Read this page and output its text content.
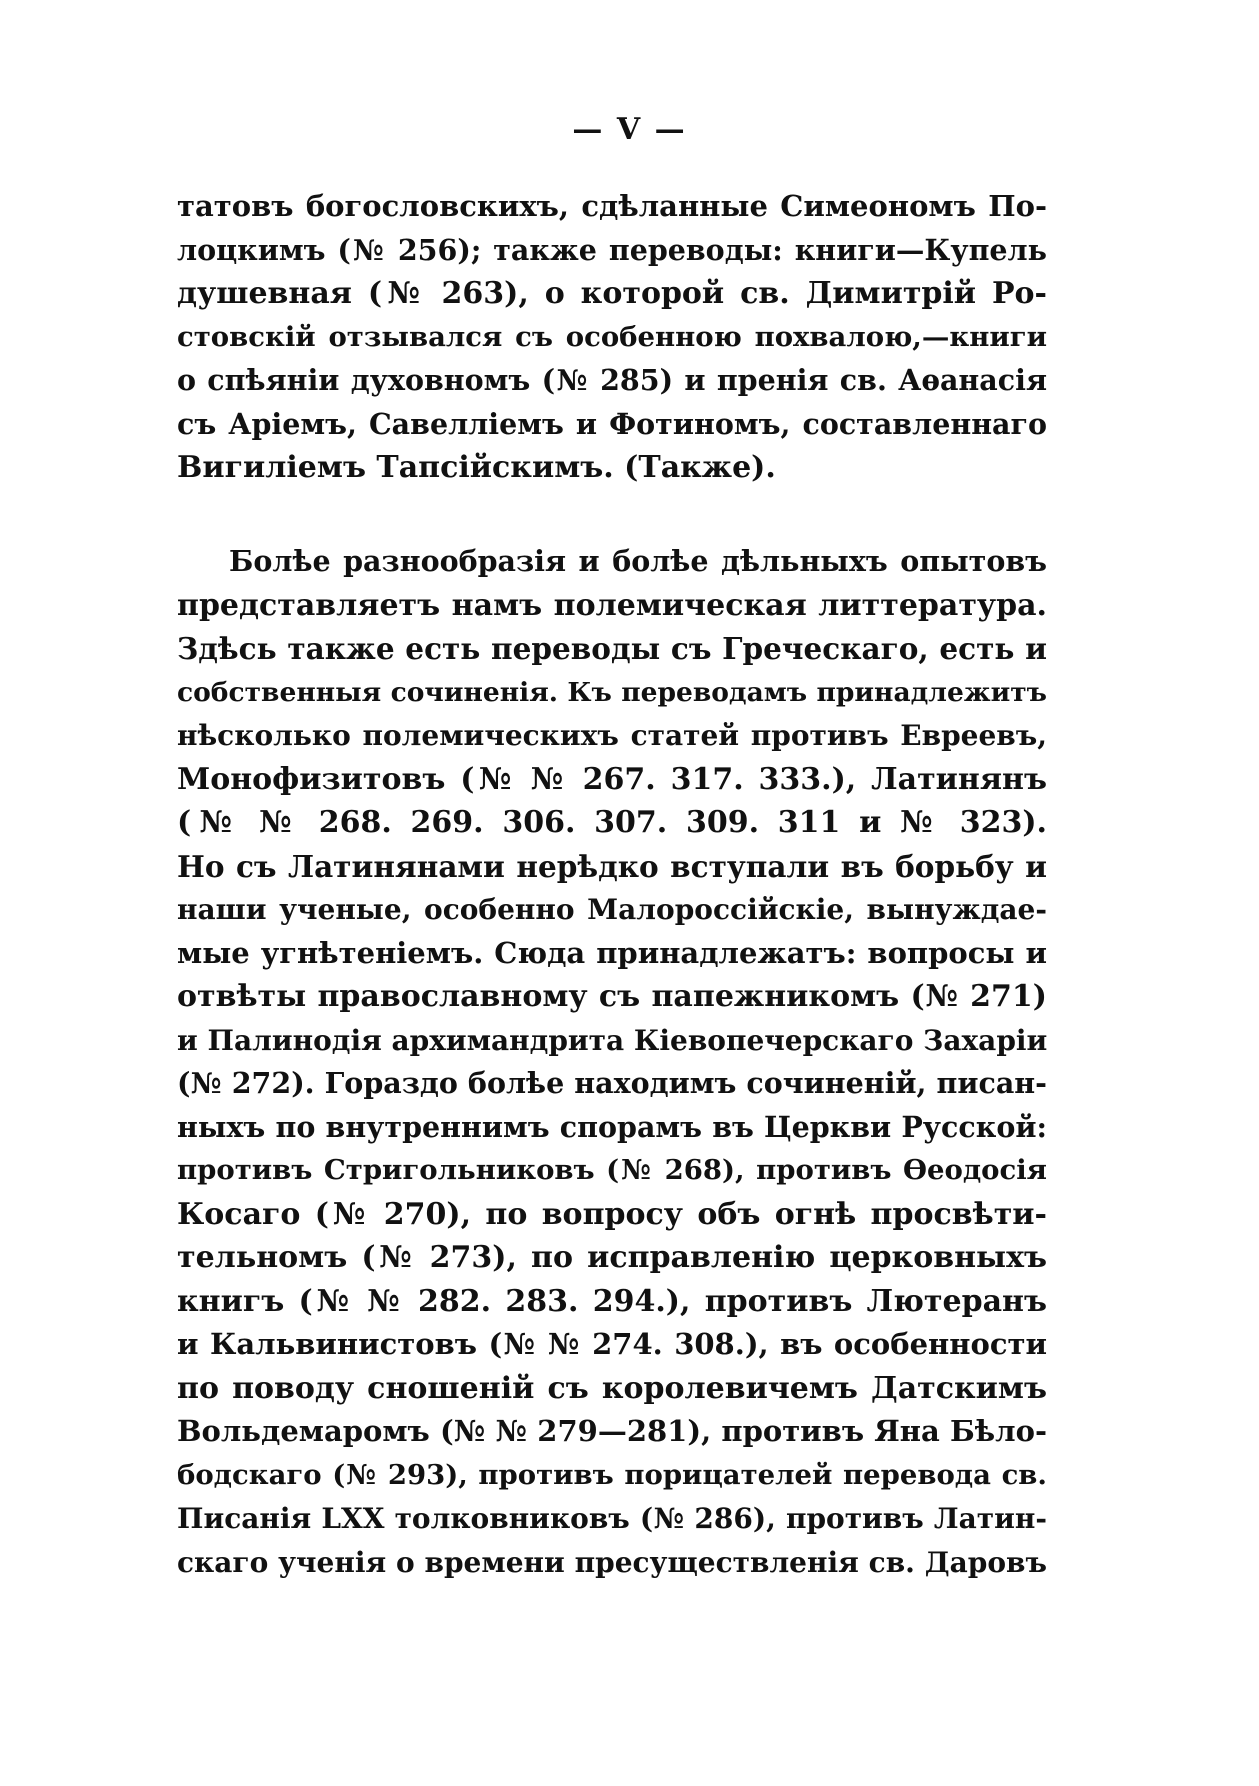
— V —
татовъ богословскихъ, сдѣланные Симеономъ По-
лоцкимъ (№ 256); также переводы: книги—Купель
душевная (№ 263), о которой св. Димитрій Ро-
стовскій отзывался съ особенною похвалою,—книги
о спѣяніи духовномъ (№ 285) и пренія св. Аѳанасія
съ Аріемъ, Савелліемъ и Фотиномъ, составленнаго
Вигиліемъ Тапсійскимъ. (Также).
Болѣе разнообразія и болѣе дѣльныхъ опытовъ
представляетъ намъ полемическая литтература.
Здѣсь также есть переводы съ Греческаго, есть и
собственныя сочиненія. Къ переводамъ принадлежитъ
нѣсколько полемическихъ статей противъ Евреевъ,
Монофизитовъ (№ № 267. 317. 333.), Латинянъ
(№ № 268. 269. 306. 307. 309. 311 и № 323).
Но съ Латинянами нерѣдко вступали въ борьбу и
наши ученые, особенно Малороссійскіе, вынуждае-
мые угнѣтеніемъ. Сюда принадлежатъ: вопросы и
отвѣты православному съ папежникомъ (№ 271)
и Палинодія архимандрита Кіевопечерскаго Захаріи
(№ 272). Гораздо болѣе находимъ сочиненій, писан-
ныхъ по внутреннимъ спорамъ въ Церкви Русской:
противъ Стригольниковъ (№ 268), противъ Ѳеодосія
Косаго (№ 270), по вопросу объ огнѣ просвѣти-
тельномъ (№ 273), по исправленію церковныхъ
книгъ (№ № 282. 283. 294.), противъ Лютеранъ
и Кальвинистовъ (№ № 274. 308.), въ особенности
по поводу сношеній съ королевичемъ Датскимъ
Вольдемаромъ (№ № 279—281), противъ Яна Бѣло-
бодскаго (№ 293), противъ порицателей перевода св.
Писанія LXX толковниковъ (№ 286), противъ Латин-
скаго ученія о времени пресуществленія св. Даровъ
